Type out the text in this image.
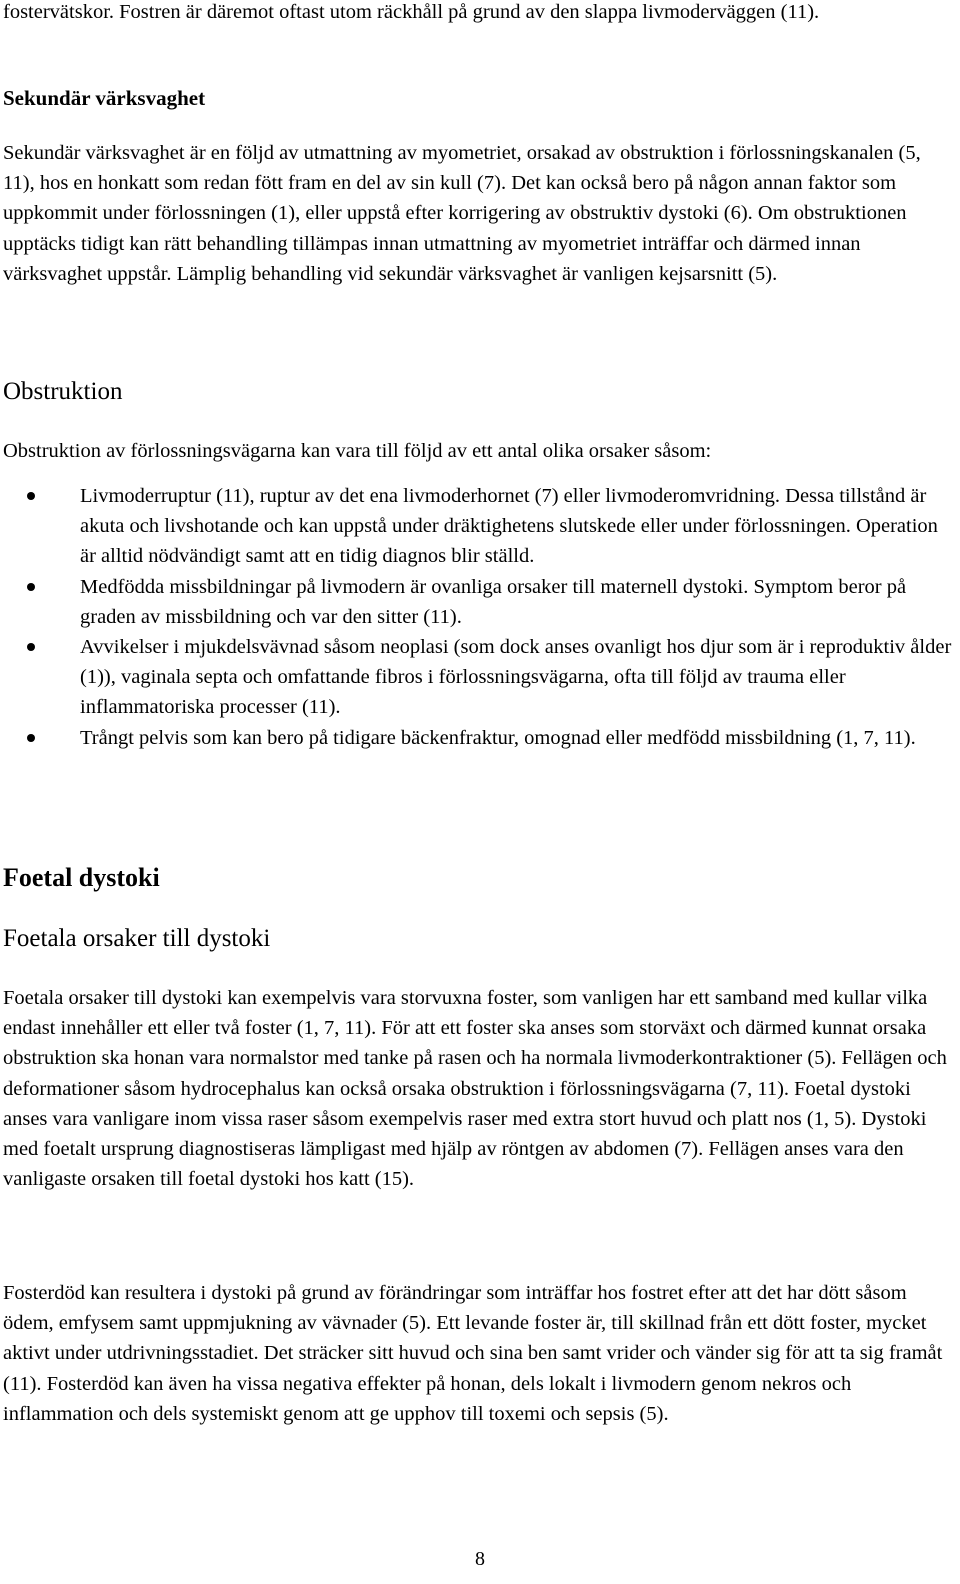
fostervätskor. Fostren är däremot oftast utom räckhåll på grund av den slappa livmoderväggen (11).

Sekundär värksvaghet

Sekundär värksvaghet är en följd av utmattning av myometriet, orsakad av obstruktion i förlossningskanalen (5, 11), hos en honkatt som redan fött fram en del av sin kull (7). Det kan också bero på någon annan faktor som uppkommit under förlossningen (1), eller uppstå efter korrigering av obstruktiv dystoki (6). Om obstruktionen upptäcks tidigt kan rätt behandling tillämpas innan utmattning av myometriet inträffar och därmed innan värksvaghet uppstår. Lämplig behandling vid sekundär värksvaghet är vanligen kejsarsnitt (5).

Obstruktion

Obstruktion av förlossningsvägarna kan vara till följd av ett antal olika orsaker såsom:

Livmoderruptur (11), ruptur av det ena livmoderhornet (7) eller livmoderomvridning. Dessa tillstånd är akuta och livshotande och kan uppstå under dräktighetens slutskede eller under förlossningen. Operation är alltid nödvändigt samt att en tidig diagnos blir ställd.
Medfödda missbildningar på livmodern är ovanliga orsaker till maternell dystoki. Symptom beror på graden av missbildning och var den sitter (11).
Avvikelser i mjukdelsvävnad såsom neoplasi (som dock anses ovanligt hos djur som är i reproduktiv ålder (1)), vaginala septa och omfattande fibros i förlossningsvägarna, ofta till följd av trauma eller inflammatoriska processer (11).
Trångt pelvis som kan bero på tidigare bäckenfraktur, omognad eller medfödd missbildning (1, 7, 11).
Foetal dystoki
Foetala orsaker till dystoki

Foetala orsaker till dystoki kan exempelvis vara storvuxna foster, som vanligen har ett samband med kullar vilka endast innehåller ett eller två foster (1, 7, 11). För att ett foster ska anses som storväxt och därmed kunnat orsaka obstruktion ska honan vara normalstor med tanke på rasen och ha normala livmoderkontraktioner (5). Fellägen och deformationer såsom hydrocephalus kan också orsaka obstruktion i förlossningsvägarna (7, 11). Foetal dystoki anses vara vanligare inom vissa raser såsom exempelvis raser med extra stort huvud och platt nos (1, 5). Dystoki med foetalt ursprung diagnostiseras lämpligast med hjälp av röntgen av abdomen (7). Fellägen anses vara den vanligaste orsaken till foetal dystoki hos katt (15).

Fosterdöd kan resultera i dystoki på grund av förändringar som inträffar hos fostret efter att det har dött såsom ödem, emfysem samt uppmjukning av vävnader (5). Ett levande foster är, till skillnad från ett dött foster, mycket aktivt under utdrivningsstadiet. Det sträcker sitt huvud och sina ben samt vrider och vänder sig för att ta sig framåt (11). Fosterdöd kan även ha vissa negativa effekter på honan, dels lokalt i livmodern genom nekros och inflammation och dels systemiskt genom att ge upphov till toxemi och sepsis (5).

8
